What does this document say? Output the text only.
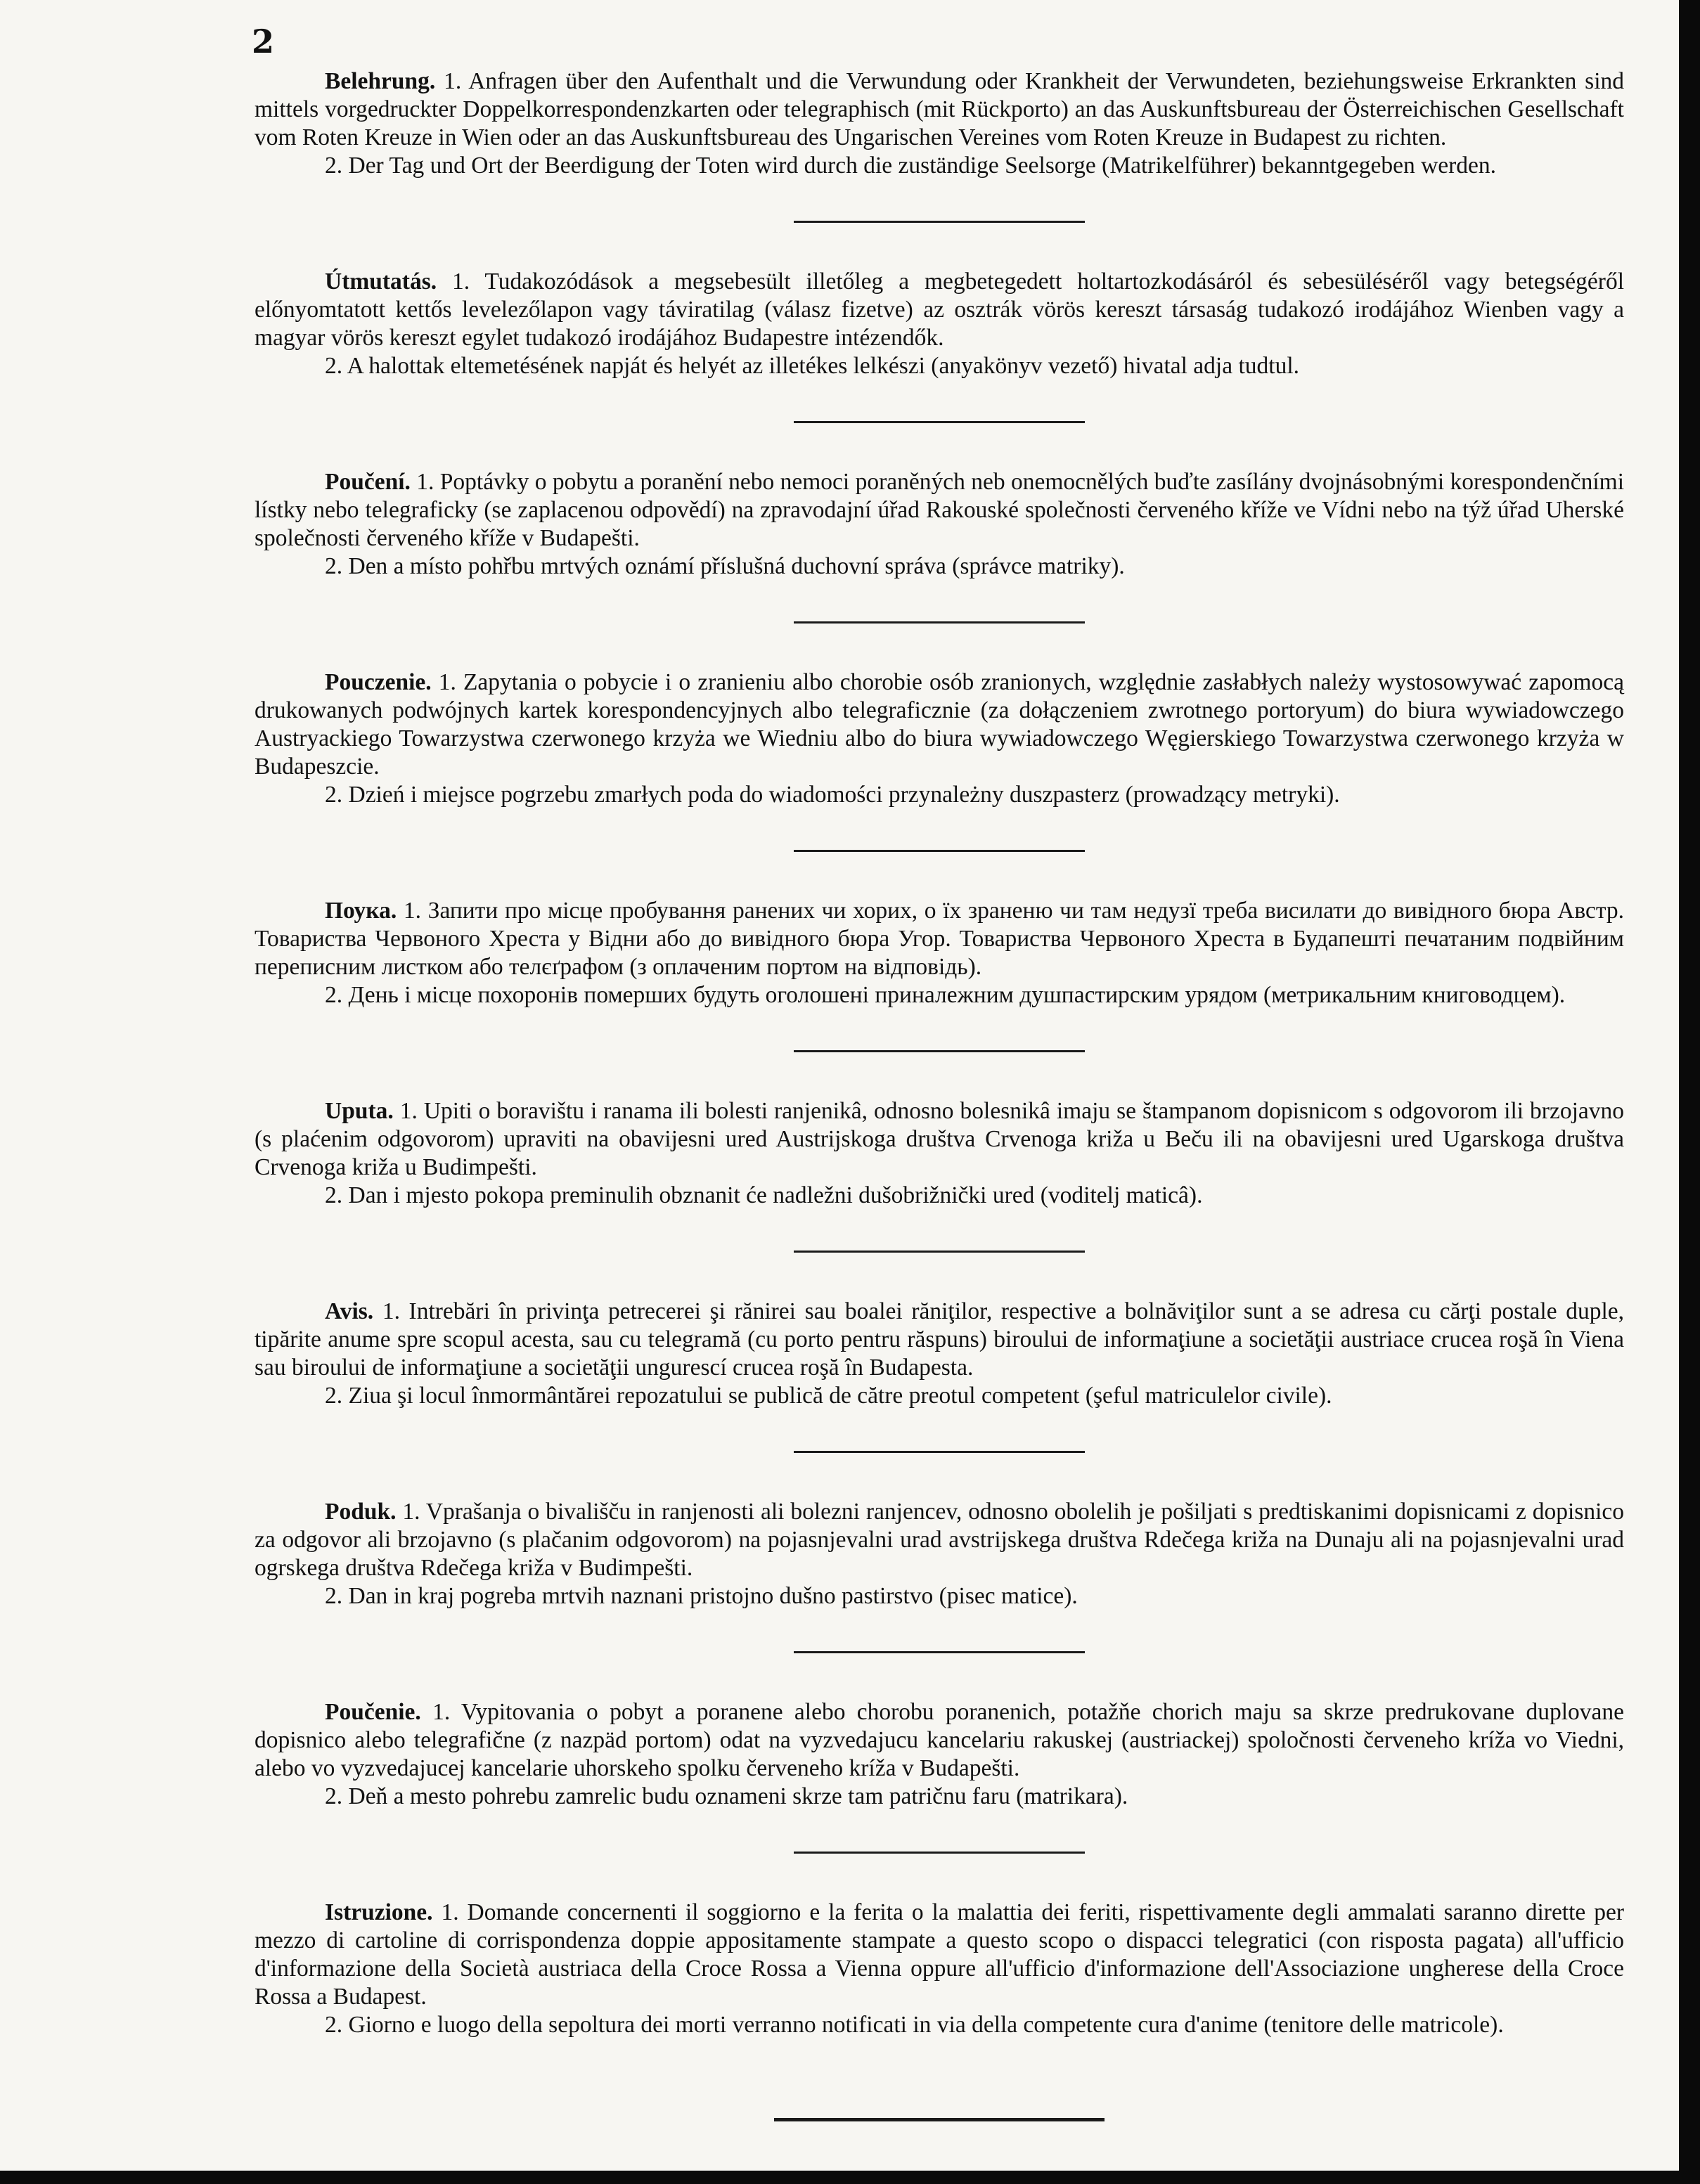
2

Belehrung. 1. Anfragen über den Aufenthalt und die Verwundung oder Krankheit der Verwundeten, beziehungsweise Erkrankten sind mittels vorgedruckter Doppelkorrespondenzkarten oder telegraphisch (mit Rückporto) an das Auskunftsbureau der Österreichischen Gesellschaft vom Roten Kreuze in Wien oder an das Auskunftsbureau des Ungarischen Vereines vom Roten Kreuze in Budapest zu richten.

2. Der Tag und Ort der Beerdigung der Toten wird durch die zuständige Seelsorge (Matrikelführer) bekanntgegeben werden.

Útmutatás. 1. Tudakozódások a megsebesült illetőleg a megbetegedett holtartozkodásáról és sebesüléséről vagy betegségéről előnyomtatott kettős levelezőlapon vagy táviratilag (válasz fizetve) az osztrák vörös kereszt társaság tudakozó irodájához Wienben vagy a magyar vörös kereszt egylet tudakozó irodájához Budapestre intézendők.

2. A halottak eltemetésének napját és helyét az illetékes lelkészi (anyakönyv vezető) hivatal adja tudtul.

Poučení. 1. Poptávky o pobytu a poranění nebo nemoci poraněných neb onemocnělých buďte zasílány dvojnásobnými korespondenčními lístky nebo telegraficky (se zaplacenou odpovědí) na zpravodajní úřad Rakouské společnosti červeného kříže ve Vídni nebo na týž úřad Uherské společnosti červeného kříže v Budapešti.

2. Den a místo pohřbu mrtvých oznámí příslušná duchovní správa (správce matriky).

Pouczenie. 1. Zapytania o pobycie i o zranieniu albo chorobie osób zranionych, względnie zasłabłych należy wystosowywać zapomocą drukowanych podwójnych kartek korespondencyjnych albo telegraficznie (za dołączeniem zwrotnego portoryum) do biura wywiadowczego Austryackiego Towarzystwa czerwonego krzyża we Wiedniu albo do biura wywiadowczego Węgierskiego Towarzystwa czerwonego krzyża w Budapeszcie.

2. Dzień i miejsce pogrzebu zmarłych poda do wiadomości przynależny duszpasterz (prowadzący metryki).

Поука. 1. Запити про місце пробування ранених чи хорих, о їх зраненю чи там недузї треба висилати до вивідного бюра Австр. Товариства Червоного Хреста у Відни або до вивідного бюра Угор. Товариства Червоного Хреста в Будапешті печатаним подвійним переписним листком або телєґрафом (з оплаченим портом на відповідь).

2. День і місце похоронів померших будуть оголошені приналежним душпастирским урядом (метрикальним книговодцем).

Uputa. 1. Upiti o boravištu i ranama ili bolesti ranjenikâ, odnosno bolesnikâ imaju se štampanom dopisnicom s odgovorom ili brzojavno (s plaćenim odgovorom) upraviti na obavijesni ured Austrijskoga društva Crvenoga križa u Beču ili na obavijesni ured Ugarskoga društva Crvenoga križa u Budimpešti.

2. Dan i mjesto pokopa preminulih obznanit će nadležni dušobrižnički ured (voditelj maticâ).

Avis. 1. Intrebări în privinţa petrecerei şi rănirei sau boalei răniţilor, respective a bolnăviţilor sunt a se adresa cu cărţi postale duple, tipărite anume spre scopul acesta, sau cu telegramă (cu porto pentru răspuns) biroului de informaţiune a societăţii austriace crucea roşă în Viena sau biroului de informaţiune a societăţii ungurescí crucea roşă în Budapesta.

2. Ziua şi locul înmormântărei repozatului se publică de către preotul competent (şeful matriculelor civile).

Poduk. 1. Vprašanja o bivališču in ranjenosti ali bolezni ranjencev, odnosno obolelih je pošiljati s predtiskanimi dopisnicami z dopisnico za odgovor ali brzojavno (s plačanim odgovorom) na pojasnjevalni urad avstrijskega društva Rdečega križa na Dunaju ali na pojasnjevalni urad ogrskega društva Rdečega križa v Budimpešti.

2. Dan in kraj pogreba mrtvih naznani pristojno dušno pastirstvo (pisec matice).

Poučenie. 1. Vypitovania o pobyt a poranene alebo chorobu poranenich, potažňe chorich maju sa skrze predrukovane duplovane dopisnico alebo telegrafične (z nazpäd portom) odat na vyzvedajucu kancelariu rakuskej (austriackej) spoločnosti červeneho kríža vo Viedni, alebo vo vyzvedajucej kancelarie uhorskeho spolku červeneho kríža v Budapešti.

2. Deň a mesto pohrebu zamrelic budu oznameni skrze tam patričnu faru (matrikara).

Istruzione. 1. Domande concernenti il soggiorno e la ferita o la malattia dei feriti, rispettivamente degli ammalati saranno dirette per mezzo di cartoline di corrispondenza doppie appositamente stampate a questo scopo o dispacci telegratici (con risposta pagata) all'ufficio d'informazione della Società austriaca della Croce Rossa a Vienna oppure all'ufficio d'informazione dell'Associazione ungherese della Croce Rossa a Budapest.

2. Giorno e luogo della sepoltura dei morti verranno notificati in via della competente cura d'anime (tenitore delle matricole).
